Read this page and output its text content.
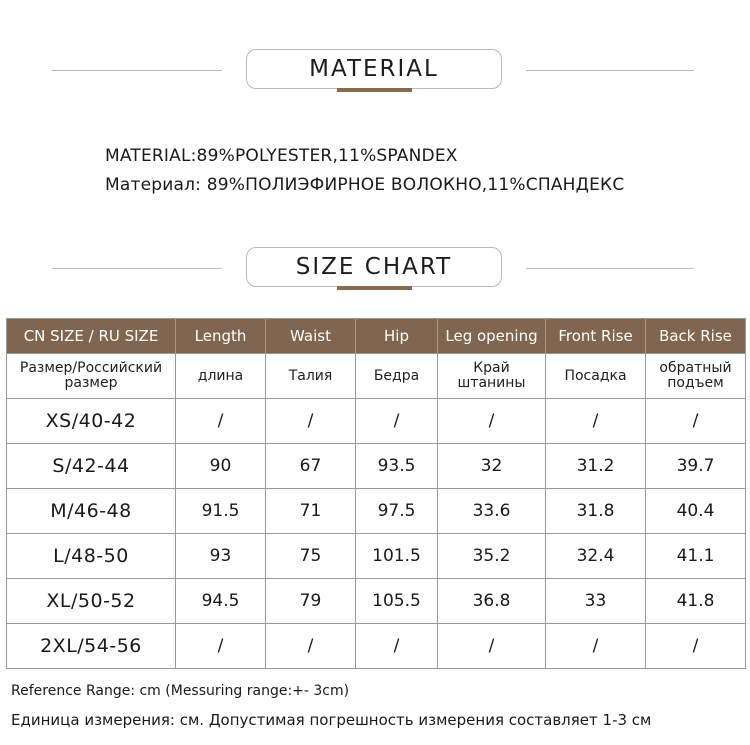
MATERIAL
MATERIAL:89%POLYESTER,11%SPANDEX
Материал: 89%ПОЛИЭФИРНОЕ ВОЛОКНО,11%СПАНДЕКС
SIZE CHART
CN SIZE / RU SIZE	Length	Waist	Hip	Leg opening	Front Rise	Back Rise
Размер/Российский размер	длина	Талия	Бедра	Край штанины	Посадка	обратный подъем
XS/40-42	/	/	/	/	/	/
S/42-44	90	67	93.5	32	31.2	39.7
M/46-48	91.5	71	97.5	33.6	31.8	40.4
L/48-50	93	75	101.5	35.2	32.4	41.1
XL/50-52	94.5	79	105.5	36.8	33	41.8
2XL/54-56	/	/	/	/	/	/
Reference Range: cm (Messuring range:+- 3cm)
Единица измерения: см. Допустимая погрешность измерения составляет 1-3 см
